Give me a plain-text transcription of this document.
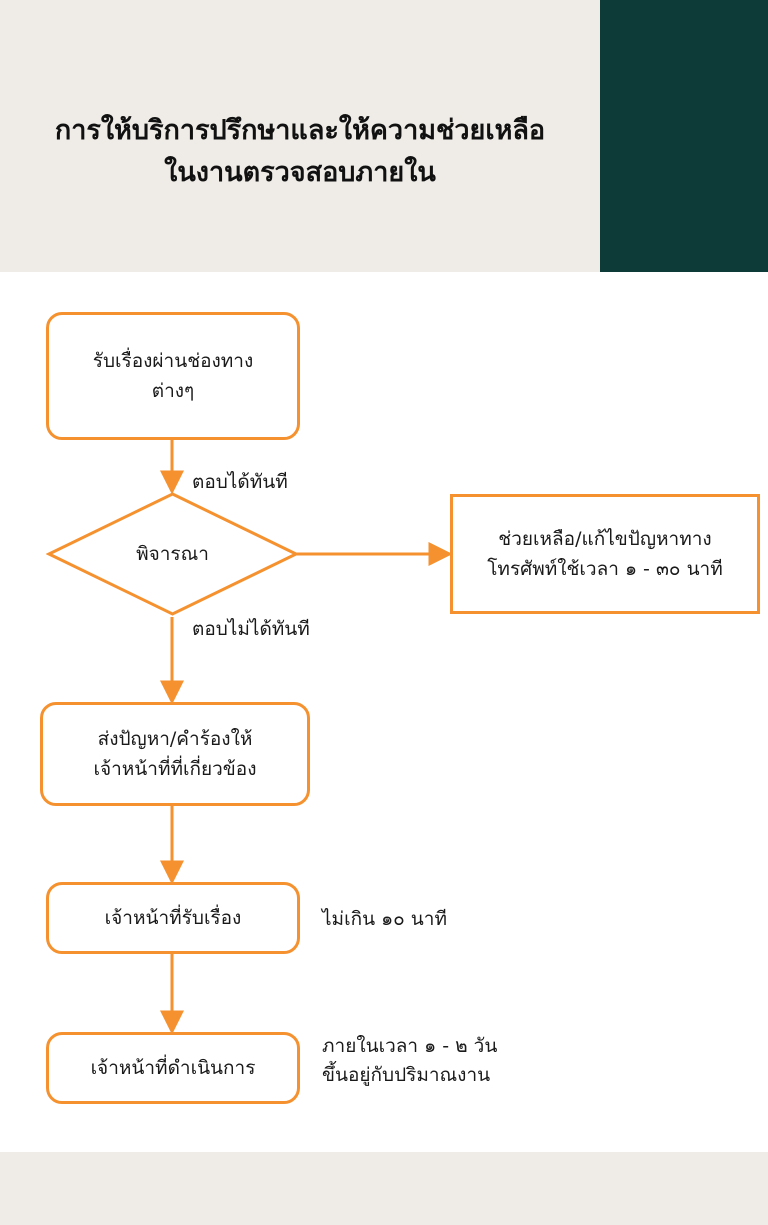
การให้บริการปรึกษาและให้ความช่วยเหลือ
ในงานตรวจสอบภายใน
รับเรื่องผ่านช่องทาง
ต่างๆ
ตอบได้ทันที
พิจารณา
ช่วยเหลือ/แก้ไขปัญหาทาง
โทรศัพท์ใช้เวลา ๑ - ๓๐ นาที
ตอบไม่ได้ทันที
ส่งปัญหา/คำร้องให้
เจ้าหน้าที่ที่เกี่ยวข้อง
เจ้าหน้าที่รับเรื่อง	ไม่เกิน ๑๐ นาที
เจ้าหน้าที่ดำเนินการ
ภายในเวลา ๑ - ๒ วัน
ขึ้นอยู่กับปริมาณงาน
